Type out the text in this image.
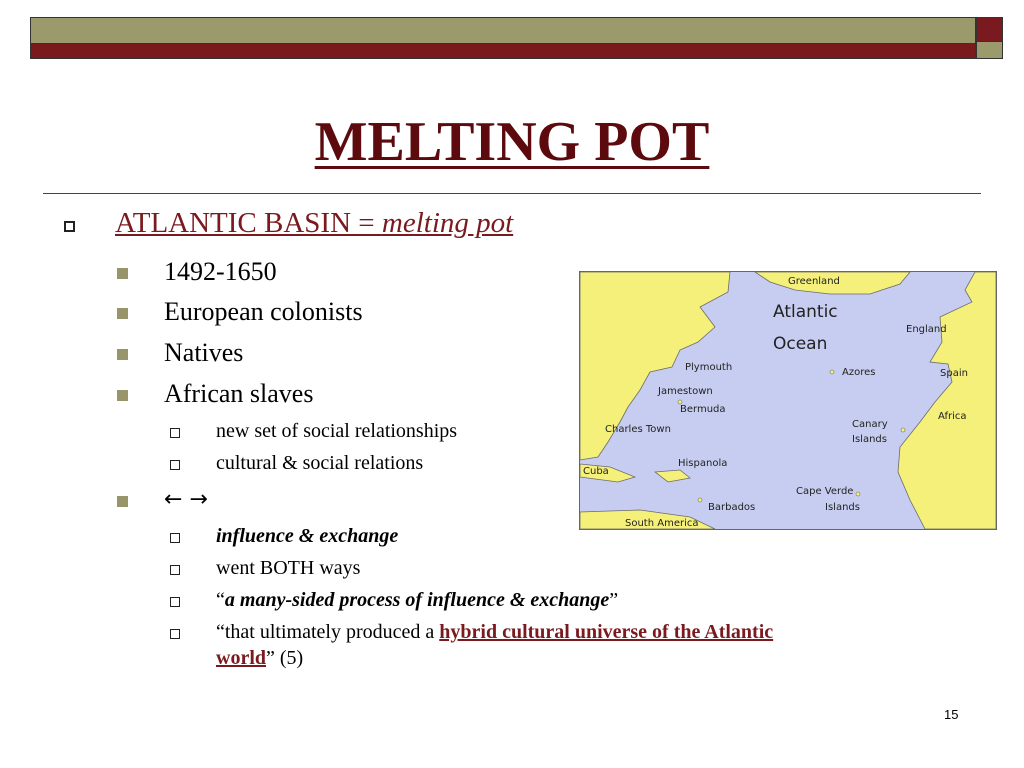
MELTING POT
ATLANTIC BASIN = melting pot
1492-1650
European colonists
Natives
African slaves
new set of social relationships
cultural & social relations
← →
influence & exchange
went BOTH ways
“a many-sided process of influence & exchange”
“that ultimately produced a hybrid cultural universe of the Atlantic
world” (5)
Greenland
Atlantic
Ocean
England
Azores	Spain
Africa
Plymouth
Jamestown
Bermuda
Canary
Islands
Charles Town
Hispanola
Cuba
Cape Verde
Islands
Barbados
South America
15
